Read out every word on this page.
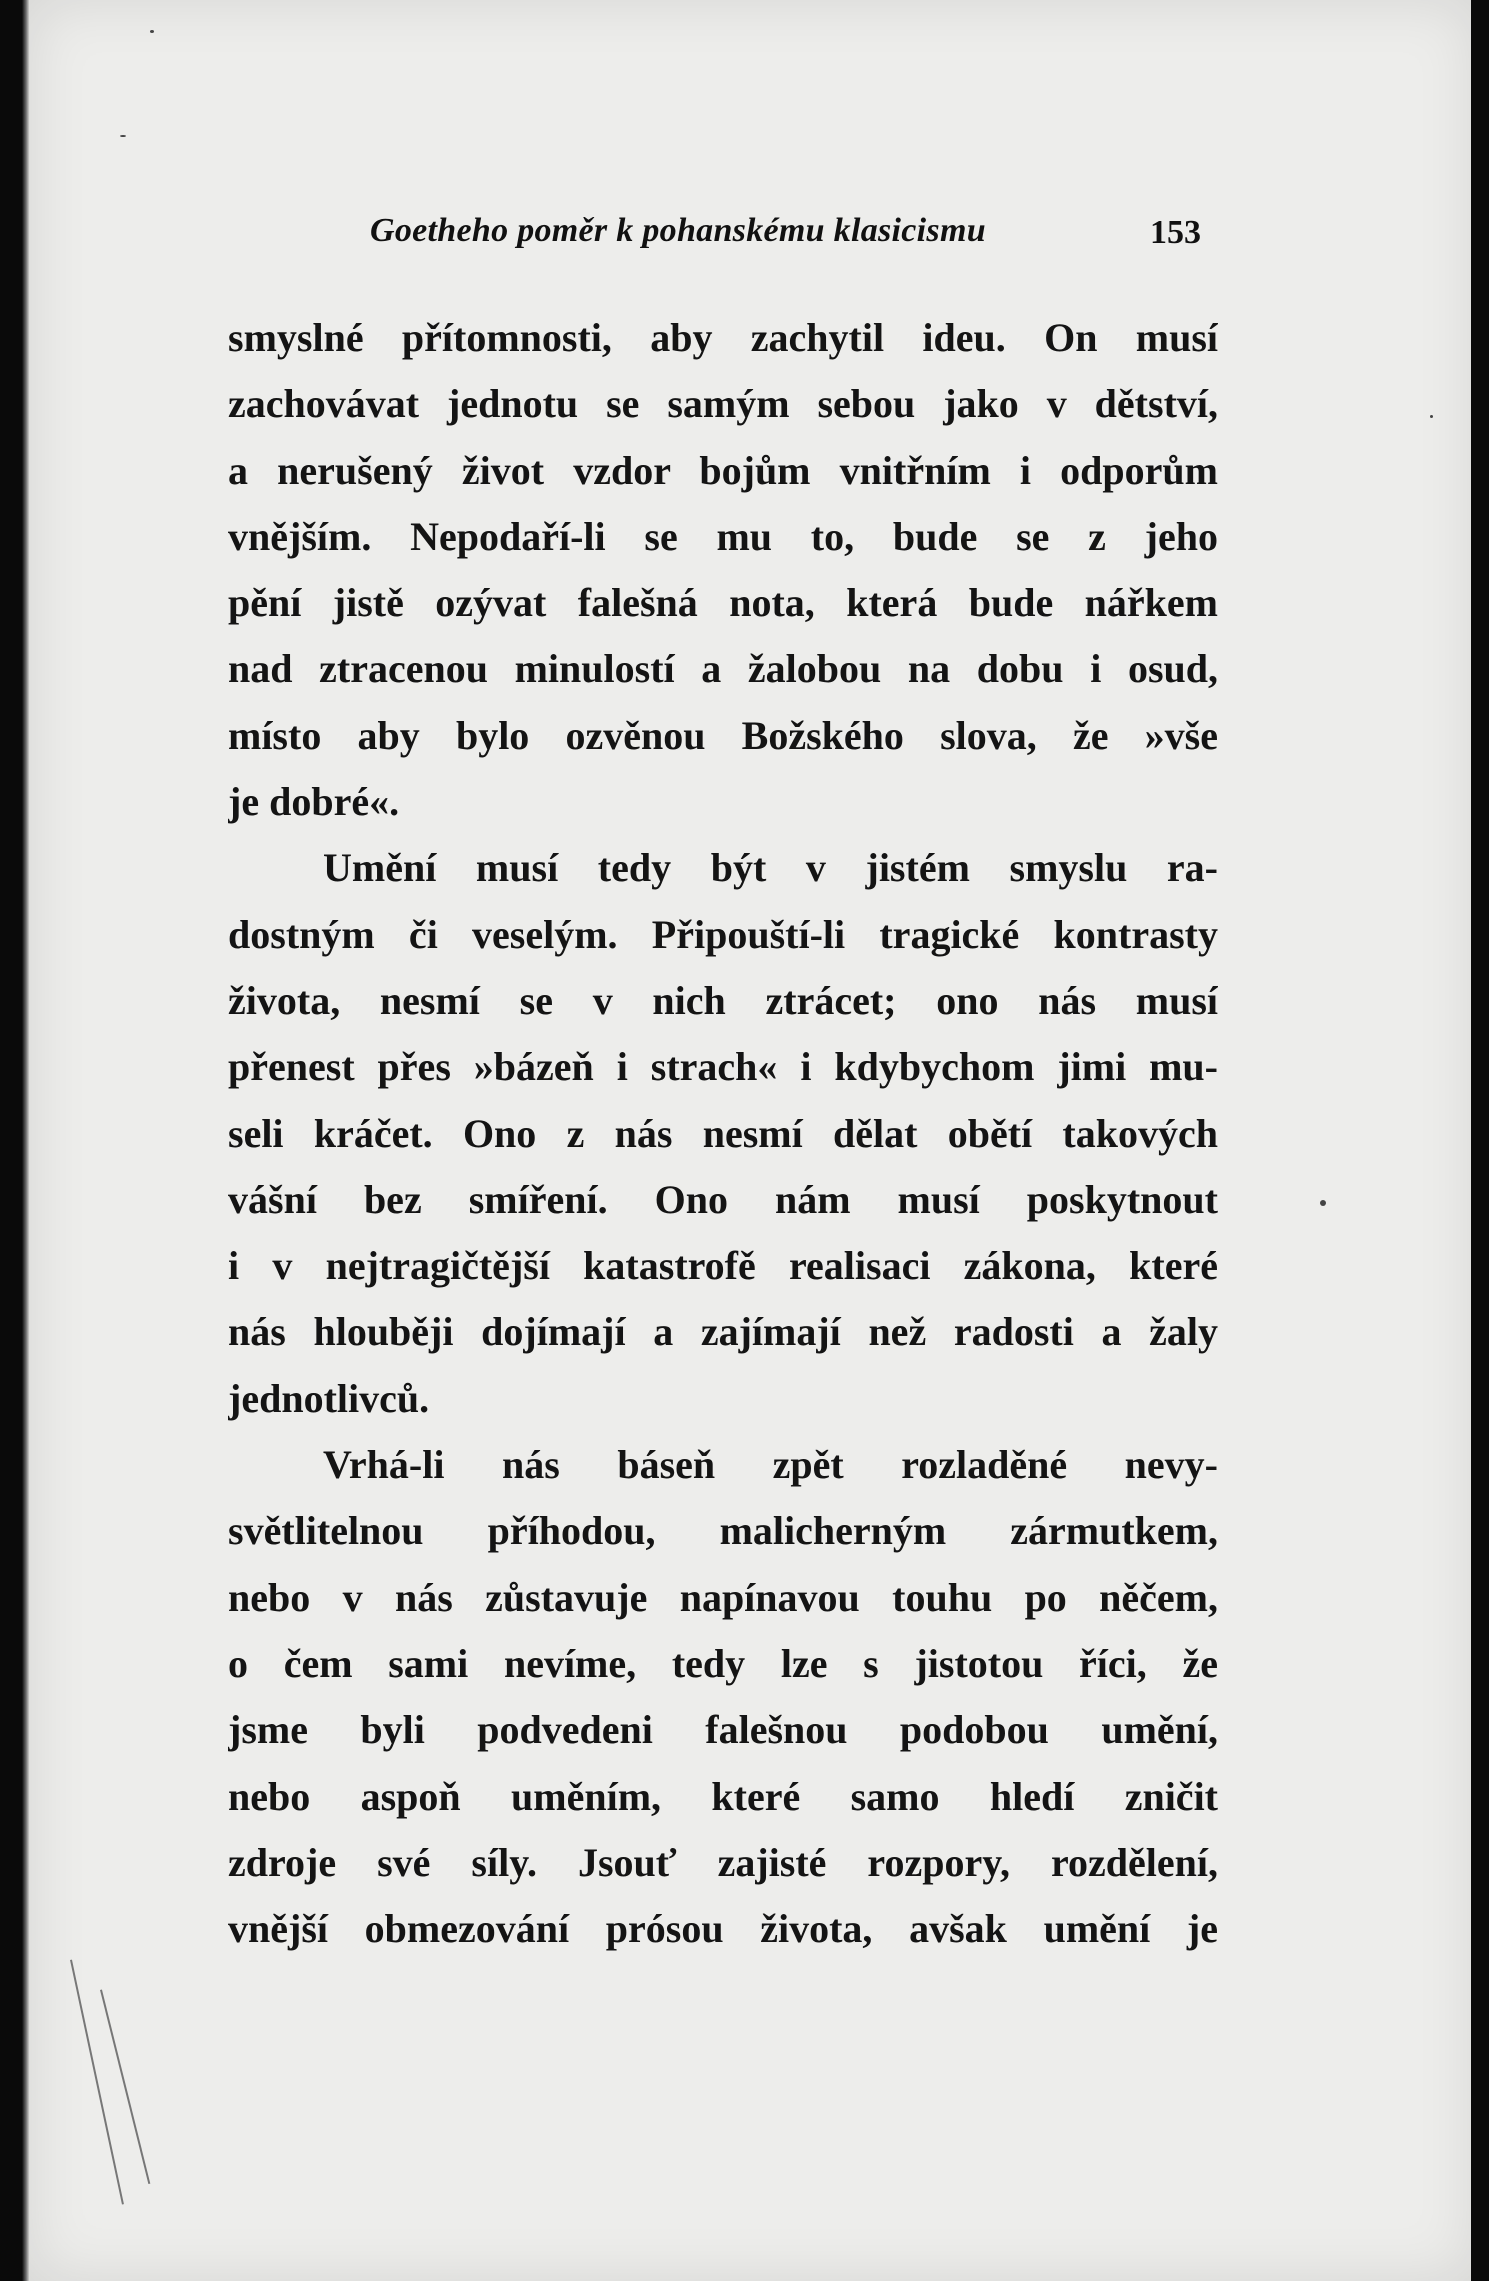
Goetheho poměr k pohanskému klasicismu	153
smyslné přítomnosti, aby zachytil ideu. On musí
zachovávat jednotu se samým sebou jako v dětství,
a nerušený život vzdor bojům vnitřním i odporům
vnějším. Nepodaří-li se mu to, bude se z jeho
pění jistě ozývat falešná nota, která bude nářkem
nad ztracenou minulostí a žalobou na dobu i osud,
místo aby bylo ozvěnou Božského slova, že »vše
je dobré«.
Umění musí tedy být v jistém smyslu ra-
dostným či veselým. Připouští-li tragické kontrasty
života, nesmí se v nich ztrácet; ono nás musí
přenest přes »bázeň i strach« i kdybychom jimi mu-
seli kráčet. Ono z nás nesmí dělat obětí takových
vášní bez smíření. Ono nám musí poskytnout
i v nejtragičtější katastrofě realisaci zákona, které
nás hlouběji dojímají a zajímají než radosti a žaly
jednotlivců.
Vrhá-li nás báseň zpět rozladěné nevy-
světlitelnou příhodou, malicherným zármutkem,
nebo v nás zůstavuje napínavou touhu po něčem,
o čem sami nevíme, tedy lze s jistotou říci, že
jsme byli podvedeni falešnou podobou umění,
nebo aspoň uměním, které samo hledí zničit
zdroje své síly. Jsouť zajisté rozpory, rozdělení,
vnější obmezování prósou života, avšak umění je
